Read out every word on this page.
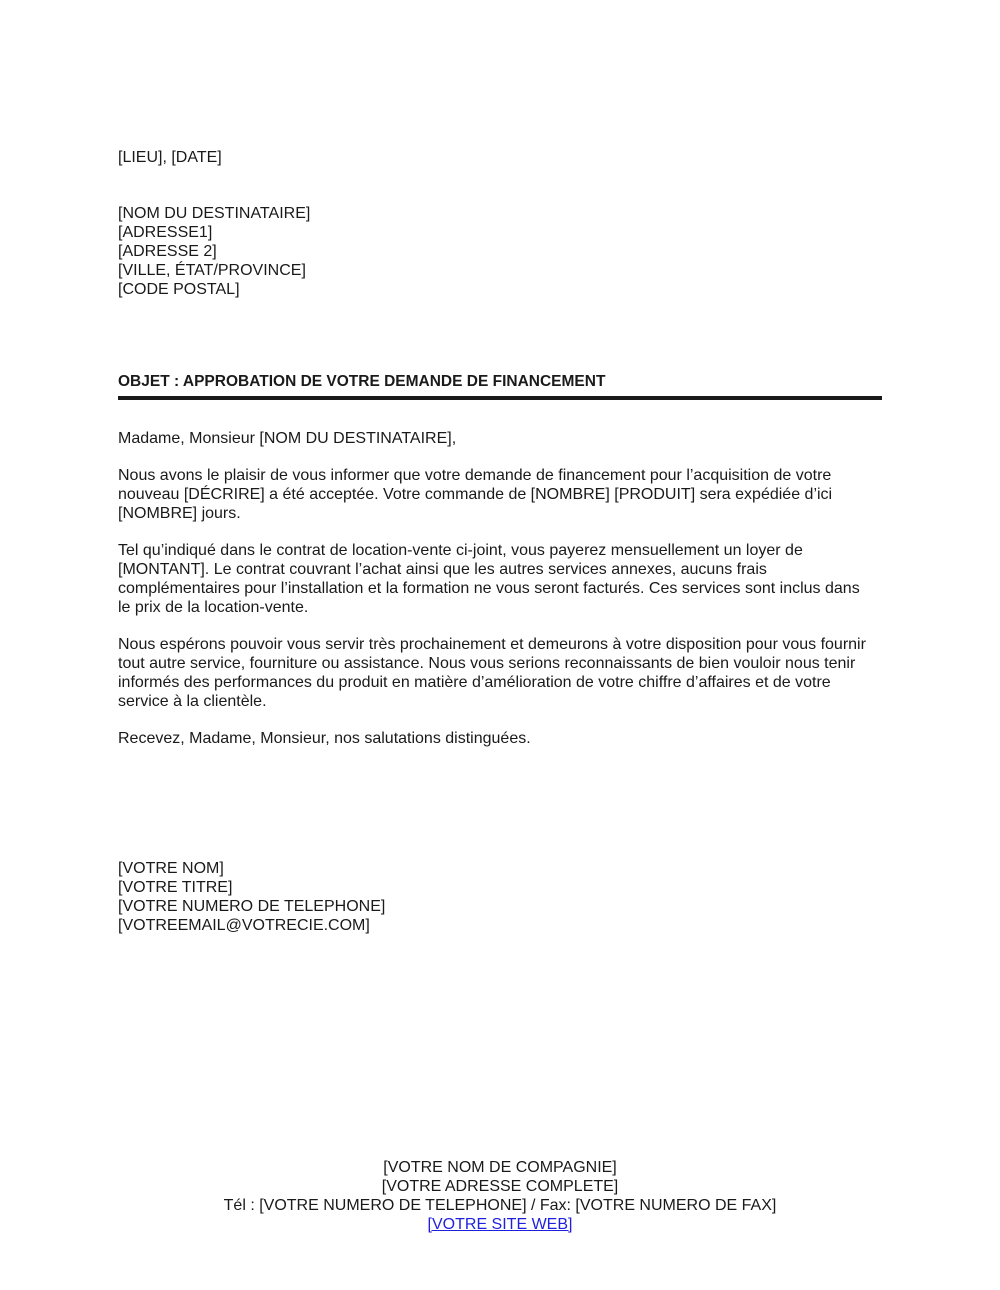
[LIEU], [DATE]
[NOM DU DESTINATAIRE]
[ADRESSE1]
[ADRESSE 2]
[VILLE, ÉTAT/PROVINCE]
[CODE POSTAL]
OBJET : APPROBATION DE VOTRE DEMANDE DE FINANCEMENT
Madame, Monsieur [NOM DU DESTINATAIRE],
Nous avons le plaisir de vous informer que votre demande de financement pour l’acquisition de votre
nouveau [DÉCRIRE] a été acceptée. Votre commande de [NOMBRE] [PRODUIT] sera expédiée d’ici
[NOMBRE] jours.
Tel qu’indiqué dans le contrat de location-vente ci-joint, vous payerez mensuellement un loyer de
[MONTANT]. Le contrat couvrant l’achat ainsi que les autres services annexes, aucuns frais
complémentaires pour l’installation et la formation ne vous seront facturés. Ces services sont inclus dans
le prix de la location-vente.
Nous espérons pouvoir vous servir très prochainement et demeurons à votre disposition pour vous fournir
tout autre service, fourniture ou assistance. Nous vous serions reconnaissants de bien vouloir nous tenir
informés des performances du produit en matière d’amélioration de votre chiffre d’affaires et de votre
service à la clientèle.
Recevez, Madame, Monsieur, nos salutations distinguées.
[VOTRE NOM]
[VOTRE TITRE]
[VOTRE NUMERO DE TELEPHONE]
[VOTREEMAIL@VOTRECIE.COM]
[VOTRE NOM DE COMPAGNIE]
[VOTRE ADRESSE COMPLETE]
Tél : [VOTRE NUMERO DE TELEPHONE] / Fax: [VOTRE NUMERO DE FAX]
[VOTRE SITE WEB]
